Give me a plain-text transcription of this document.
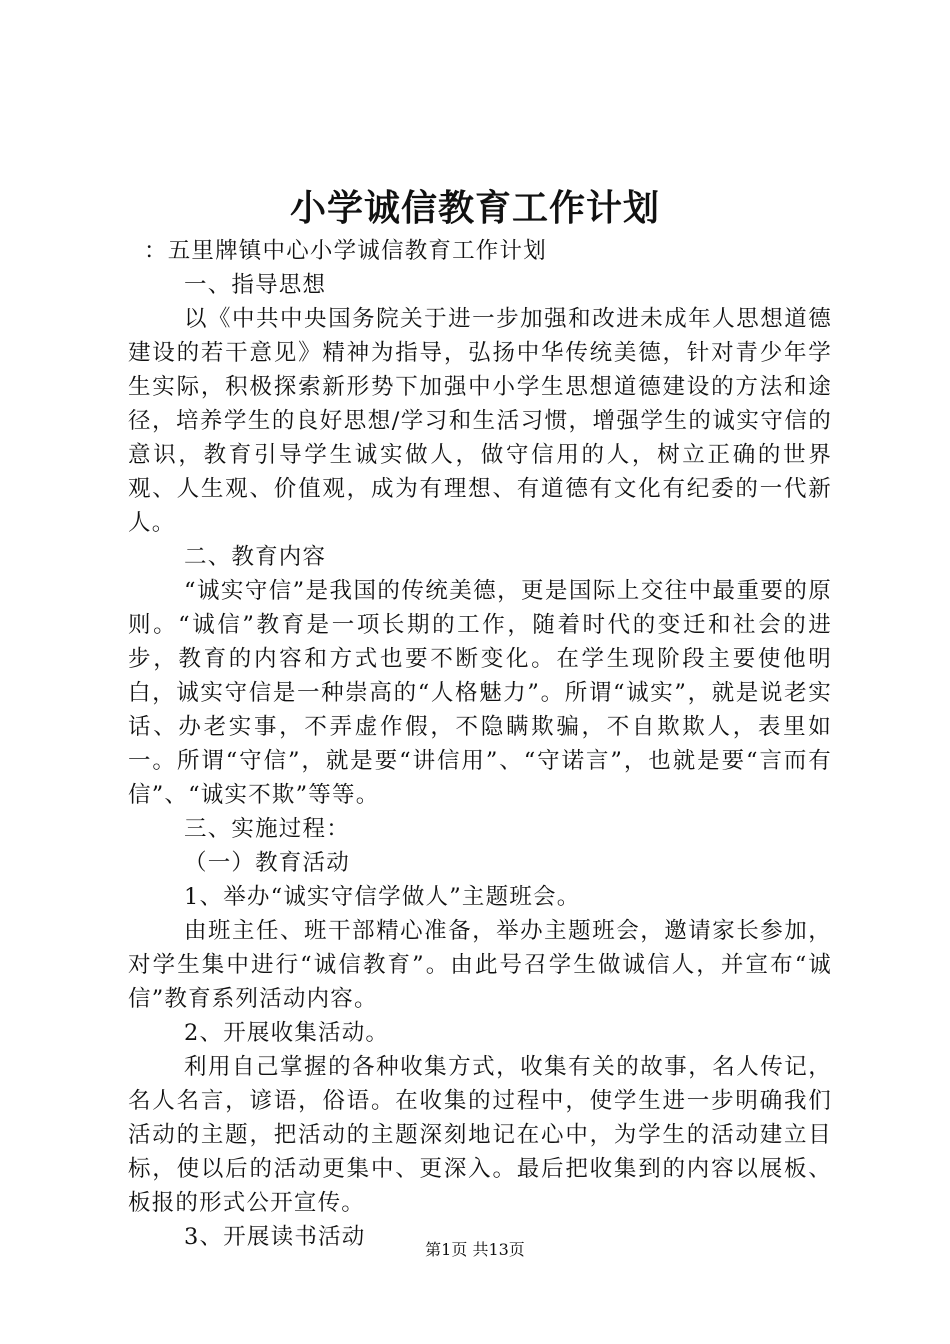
小学诚信教育工作计划

：五里牌镇中心小学诚信教育工作计划

一、指导思想

以《中共中央国务院关于进一步加强和改进未成年人思想道德建设的若干意见》精神为指导，弘扬中华传统美德，针对青少年学生实际，积极探索新形势下加强中小学生思想道德建设的方法和途径，培养学生的良好思想/学习和生活习惯，增强学生的诚实守信的意识，教育引导学生诚实做人，做守信用的人，树立正确的世界观、人生观、价值观，成为有理想、有道德有文化有纪委的一代新人。

二、教育内容

“诚实守信”是我国的传统美德，更是国际上交往中最重要的原则。“诚信”教育是一项长期的工作，随着时代的变迁和社会的进步，教育的内容和方式也要不断变化。在学生现阶段主要使他明白，诚实守信是一种崇高的“人格魅力”。所谓“诚实”，就是说老实话、办老实事，不弄虚作假，不隐瞒欺骗，不自欺欺人，表里如一。所谓“守信”，就是要“讲信用”、“守诺言”，也就是要“言而有信”、“诚实不欺”等等。

三、实施过程：

（一）教育活动

1、举办“诚实守信学做人”主题班会。

由班主任、班干部精心准备，举办主题班会，邀请家长参加，对学生集中进行“诚信教育”。由此号召学生做诚信人，并宣布“诚信”教育系列活动内容。

2、开展收集活动。

利用自己掌握的各种收集方式，收集有关的故事，名人传记，名人名言，谚语，俗语。在收集的过程中，使学生进一步明确我们活动的主题，把活动的主题深刻地记在心中，为学生的活动建立目标，使以后的活动更集中、更深入。最后把收集到的内容以展板、板报的形式公开宣传。

3、开展读书活动	第1页 共13页
